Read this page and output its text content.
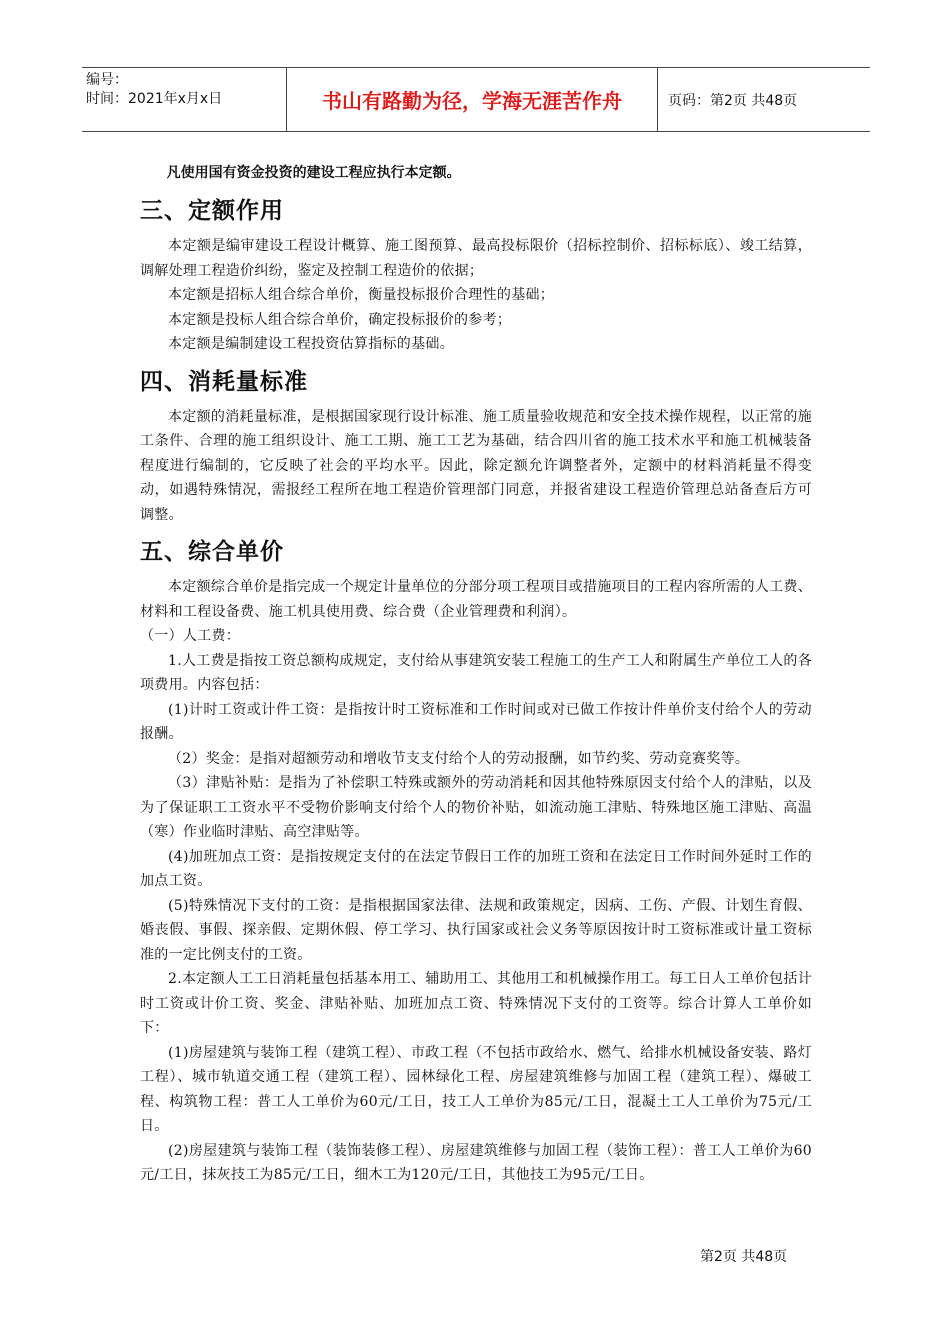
编号：
时间：2021年x月x日	书山有路勤为径，学海无涯苦作舟	页码：第2页 共48页

凡使用国有资金投资的建设工程应执行本定额。

三、定额作用

本定额是编审建设工程设计概算、施工图预算、最高投标限价（招标控制价、招标标底）、竣工结算，调解处理工程造价纠纷，鉴定及控制工程造价的依据；

本定额是招标人组合综合单价，衡量投标报价合理性的基础；

本定额是投标人组合综合单价，确定投标报价的参考；

本定额是编制建设工程投资估算指标的基础。

四、消耗量标准

本定额的消耗量标准，是根据国家现行设计标准、施工质量验收规范和安全技术操作规程，以正常的施工条件、合理的施工组织设计、施工工期、施工工艺为基础，结合四川省的施工技术水平和施工机械装备程度进行编制的，它反映了社会的平均水平。因此，除定额允许调整者外，定额中的材料消耗量不得变动，如遇特殊情况，需报经工程所在地工程造价管理部门同意，并报省建设工程造价管理总站备查后方可调整。

五、综合单价

本定额综合单价是指完成一个规定计量单位的分部分项工程项目或措施项目的工程内容所需的人工费、材料和工程设备费、施工机具使用费、综合费（企业管理费和利润）。

（一）人工费：

1.人工费是指按工资总额构成规定，支付给从事建筑安装工程施工的生产工人和附属生产单位工人的各项费用。内容包括：

(1)计时工资或计件工资：是指按计时工资标准和工作时间或对已做工作按计件单价支付给个人的劳动报酬。

（2）奖金：是指对超额劳动和增收节支支付给个人的劳动报酬，如节约奖、劳动竞赛奖等。

（3）津贴补贴：是指为了补偿职工特殊或额外的劳动消耗和因其他特殊原因支付给个人的津贴，以及为了保证职工工资水平不受物价影响支付给个人的物价补贴，如流动施工津贴、特殊地区施工津贴、高温（寒）作业临时津贴、高空津贴等。

(4)加班加点工资：是指按规定支付的在法定节假日工作的加班工资和在法定日工作时间外延时工作的加点工资。

(5)特殊情况下支付的工资：是指根据国家法律、法规和政策规定，因病、工伤、产假、计划生育假、婚丧假、事假、探亲假、定期休假、停工学习、执行国家或社会义务等原因按计时工资标准或计量工资标准的一定比例支付的工资。

2.本定额人工工日消耗量包括基本用工、辅助用工、其他用工和机械操作用工。每工日人工单价包括计时工资或计价工资、奖金、津贴补贴、加班加点工资、特殊情况下支付的工资等。综合计算人工单价如下：

(1)房屋建筑与装饰工程（建筑工程）、市政工程（不包括市政给水、燃气、给排水机械设备安装、路灯工程）、城市轨道交通工程（建筑工程）、园林绿化工程、房屋建筑维修与加固工程（建筑工程）、爆破工程、构筑物工程：普工人工单价为60元/工日，技工人工单价为85元/工日，混凝土工人工单价为75元/工日。

(2)房屋建筑与装饰工程（装饰装修工程）、房屋建筑维修与加固工程（装饰工程）：普工人工单价为60元/工日，抹灰技工为85元/工日，细木工为120元/工日，其他技工为95元/工日。

第2页 共48页
